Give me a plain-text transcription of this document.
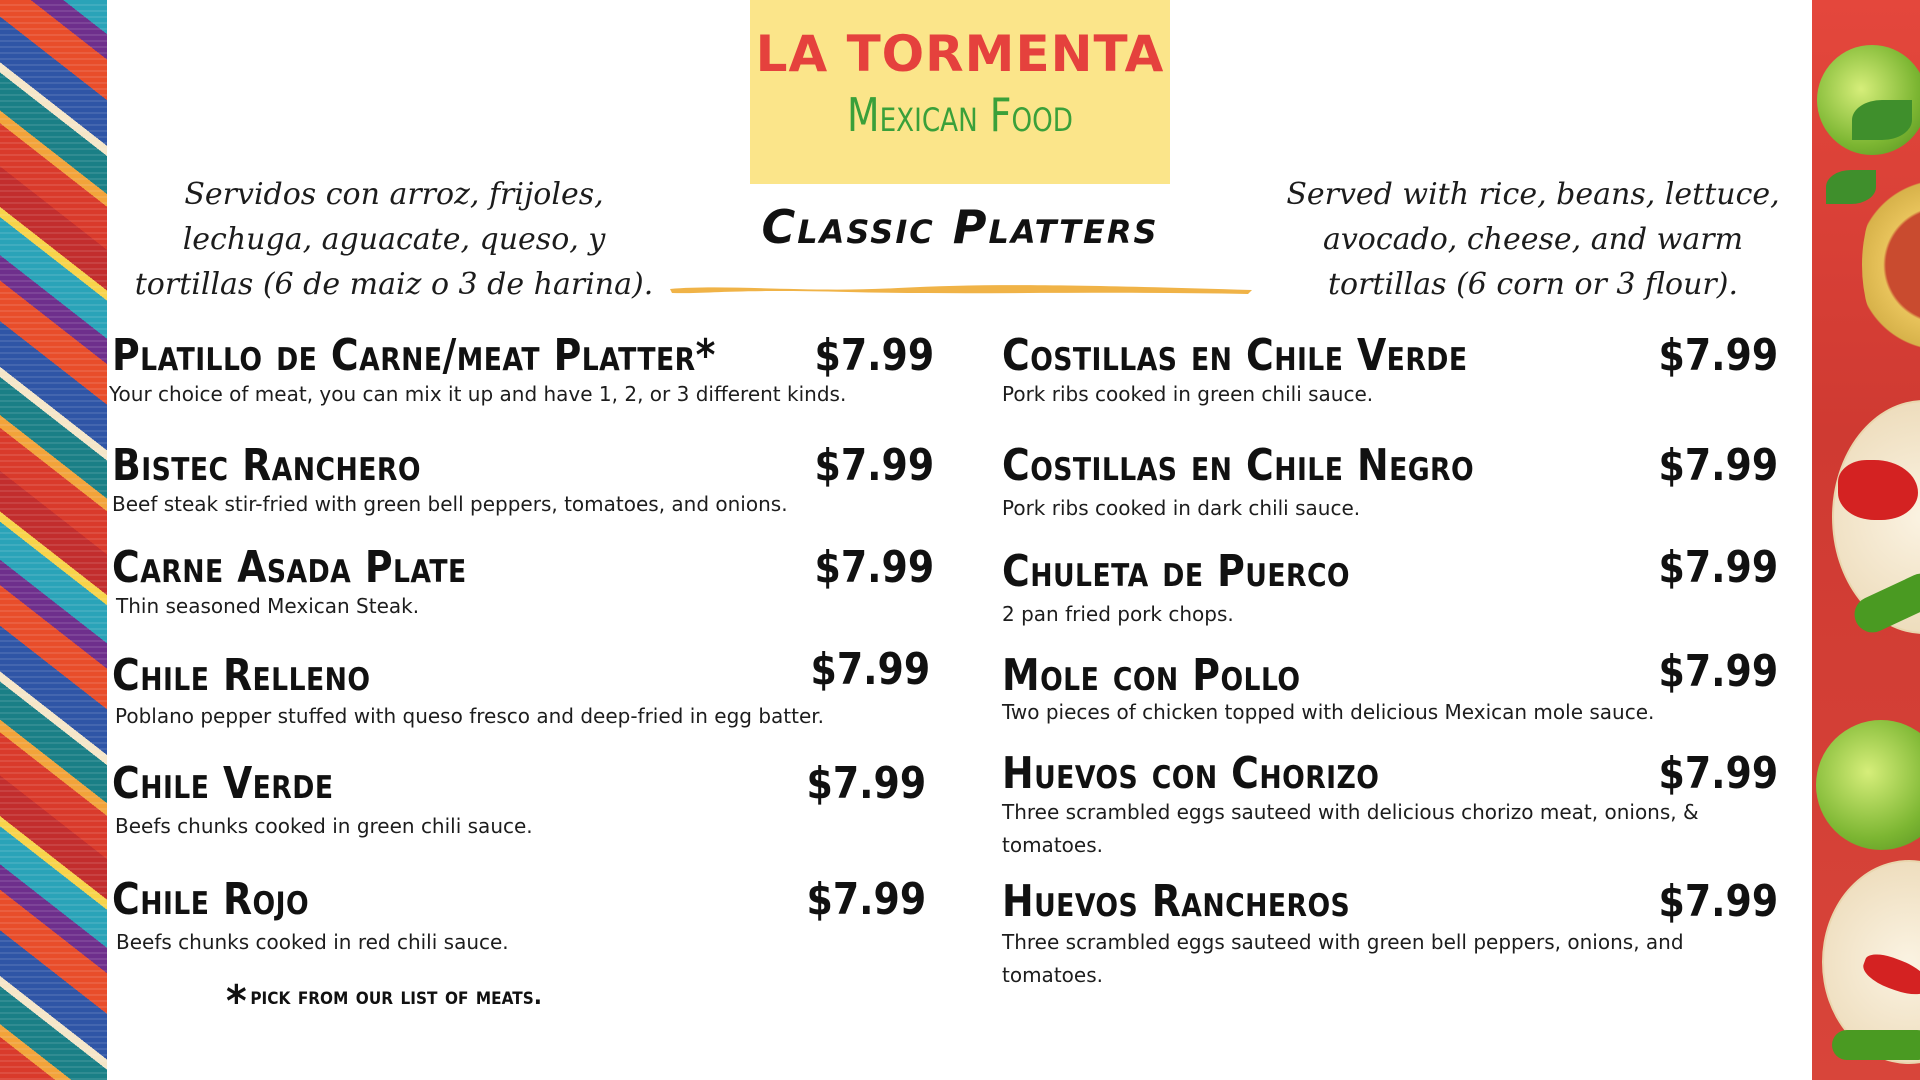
LA TORMENTA
Mexican Food
Servidos con arroz, frijoles,
lechuga, aguacate, queso, y
tortillas (6 de maiz o 3 de harina).
Served with rice, beans, lettuce,
avocado, cheese, and warm
tortillas (6 corn or 3 flour).
Classic Platters
Platillo de Carne/meat Platter* $7.99
Your choice of meat, you can mix it up and have 1, 2, or 3 different kinds.
Bistec Ranchero	$7.99
Beef steak stir-fried with green bell peppers, tomatoes, and onions.
Carne Asada Plate	$7.99
Thin seasoned Mexican Steak.
Chile Relleno	$7.99
Poblano pepper stuffed with queso fresco and deep-fried in egg batter.
Chile Verde	$7.99
Beefs chunks cooked in green chili sauce.
Chile Rojo	$7.99
Beefs chunks cooked in red chili sauce.
* pick from our list of meats.
Costillas en Chile Verde	$7.99
Pork ribs cooked in green chili sauce.
Costillas en Chile Negro	$7.99
Pork ribs cooked in dark chili sauce.
Chuleta de Puerco	$7.99
2 pan fried pork chops.
Mole con Pollo	$7.99
Two pieces of chicken topped with delicious Mexican mole sauce.
Huevos con Chorizo	$7.99
Three scrambled eggs sauteed with delicious chorizo meat, onions, & tomatoes.
Huevos Rancheros	$7.99
Three scrambled eggs sauteed with green bell peppers, onions, and tomatoes.
